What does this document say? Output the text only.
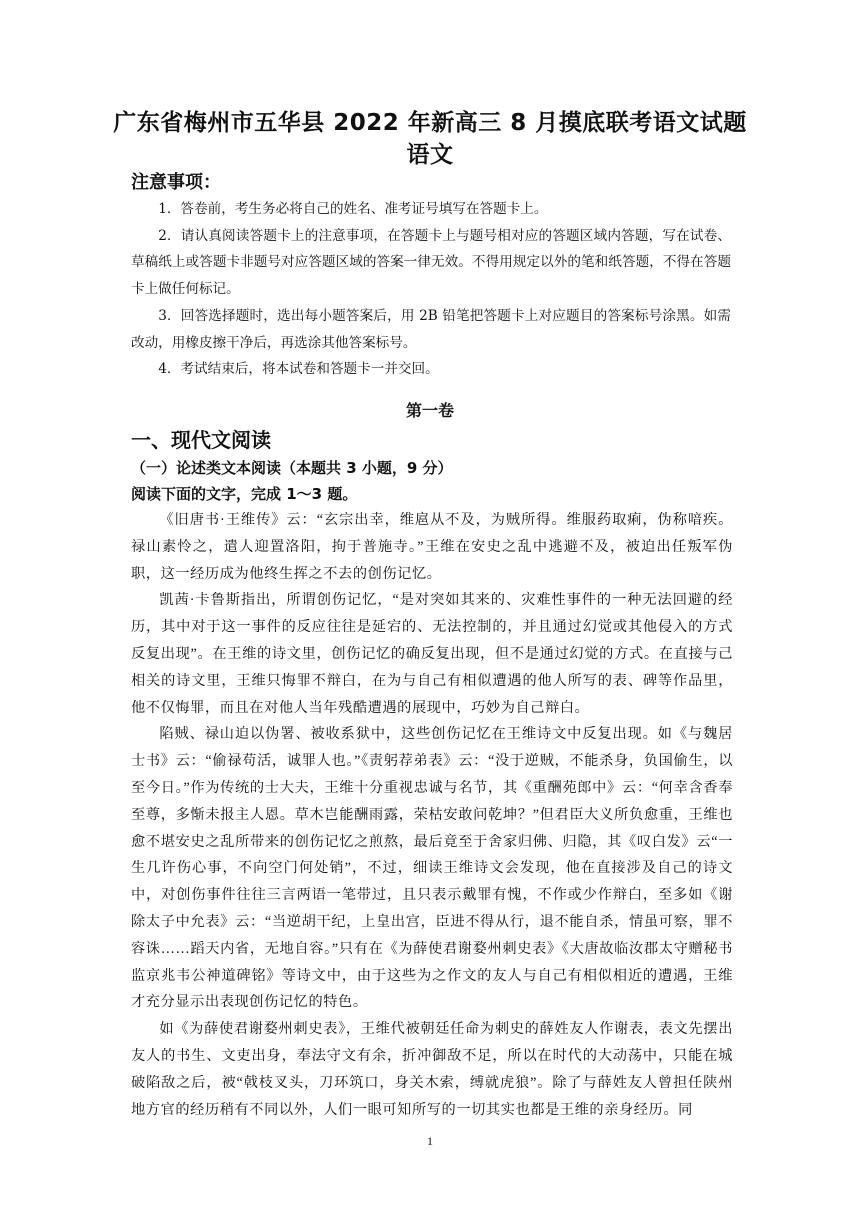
广东省梅州市五华县 2022 年新高三 8 月摸底联考语文试题
语文
注意事项：

1．答卷前，考生务必将自己的姓名、准考证号填写在答题卡上。

2．请认真阅读答题卡上的注意事项，在答题卡上与题号相对应的答题区域内答题，写在试卷、草稿纸上或答题卡非题号对应答题区域的答案一律无效。不得用规定以外的笔和纸答题，不得在答题卡上做任何标记。

3．回答选择题时，选出每小题答案后，用 2B 铅笔把答题卡上对应题目的答案标号涂黑。如需改动，用橡皮擦干净后，再选涂其他答案标号。

4．考试结束后，将本试卷和答题卡一并交回。

第一卷
一、现代文阅读
（一）论述类文本阅读（本题共 3 小题，9 分）
阅读下面的文字，完成 1～3 题。

《旧唐书·王维传》云：“玄宗出幸，维扈从不及，为贼所得。维服药取痢，伪称喑疾。禄山素怜之，遣人迎置洛阳，拘于普施寺。”王维在安史之乱中逃避不及，被迫出任叛军伪职，这一经历成为他终生挥之不去的创伤记忆。

凯茜·卡鲁斯指出，所谓创伤记忆，“是对突如其来的、灾难性事件的一种无法回避的经历，其中对于这一事件的反应往往是延宕的、无法控制的，并且通过幻觉或其他侵入的方式反复出现”。在王维的诗文里，创伤记忆的确反复出现，但不是通过幻觉的方式。在直接与己相关的诗文里，王维只悔罪不辩白，在为与自己有相似遭遇的他人所写的表、碑等作品里，他不仅悔罪，而且在对他人当年残酷遭遇的展现中，巧妙为自己辩白。

陷贼、禄山迫以伪署、被收系狱中，这些创伤记忆在王维诗文中反复出现。如《与魏居士书》云：“偷禄苟活，诚罪人也。”《责躬荐弟表》云：“没于逆贼，不能杀身，负国偷生，以至今日。”作为传统的士大夫，王维十分重视忠诚与名节，其《重酬苑郎中》云：“何幸含香奉至尊，多惭未报主人恩。草木岂能酬雨露，荣枯安敢问乾坤？”但君臣大义所负愈重，王维也愈不堪安史之乱所带来的创伤记忆之煎熬，最后竟至于舍家归佛、归隐，其《叹白发》云“一生几许伤心事，不向空门何处销”，不过，细读王维诗文会发现，他在直接涉及自己的诗文中，对创伤事件往往三言两语一笔带过，且只表示戴罪有愧，不作或少作辩白，至多如《谢除太子中允表》云：“当逆胡干纪，上皇出宫，臣进不得从行，退不能自杀，情虽可察，罪不容诛……蹈天内省，无地自容。”只有在《为薛使君谢婺州刺史表》《大唐故临汝郡太守赠秘书监京兆韦公神道碑铭》等诗文中，由于这些为之作文的友人与自己有相似相近的遭遇，王维才充分显示出表现创伤记忆的特色。

如《为薛使君谢婺州刺史表》，王维代被朝廷任命为刺史的薛姓友人作谢表，表文先摆出友人的书生、文吏出身，奉法守文有余，折冲御敌不足，所以在时代的大动荡中，只能在城破陷敌之后，被“戟枝叉头，刀环筑口，身关木索，缚就虎狼”。除了与薛姓友人曾担任陕州地方官的经历稍有不同以外，人们一眼可知所写的一切其实也都是王维的亲身经历。同

1
